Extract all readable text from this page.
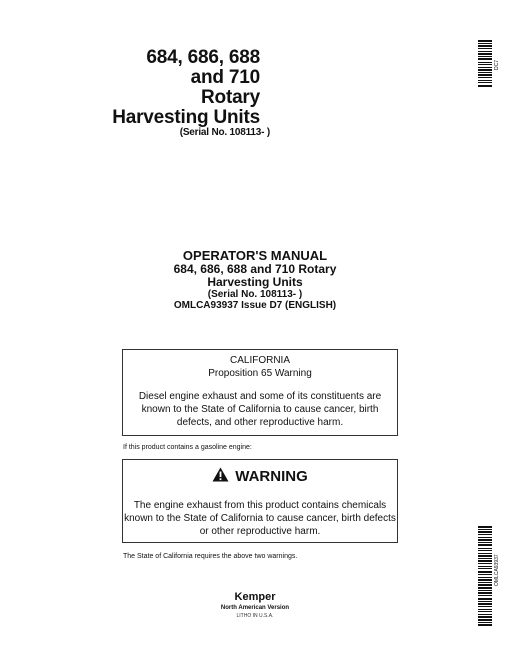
684, 686, 688
and 710
Rotary
Harvesting Units
(Serial No. 108113- )
OPERATOR'S MANUAL
684, 686, 688 and 710 Rotary
Harvesting Units
(Serial No. 108113- )
OMLCA93937 Issue D7 (ENGLISH)

CALIFORNIA

Proposition 65 Warning

Diesel engine exhaust and some of its constituents are known to the State of California to cause cancer, birth defects, and other reproductive harm.

If this product contains a gasoline engine:
WARNING
The engine exhaust from this product contains chemicals known to the State of California to cause cancer, birth defects or other reproductive harm.
The State of California requires the above two warnings.
Kemper
North American Version
LITHO IN U.S.A.
DC7
OMLCA93937
